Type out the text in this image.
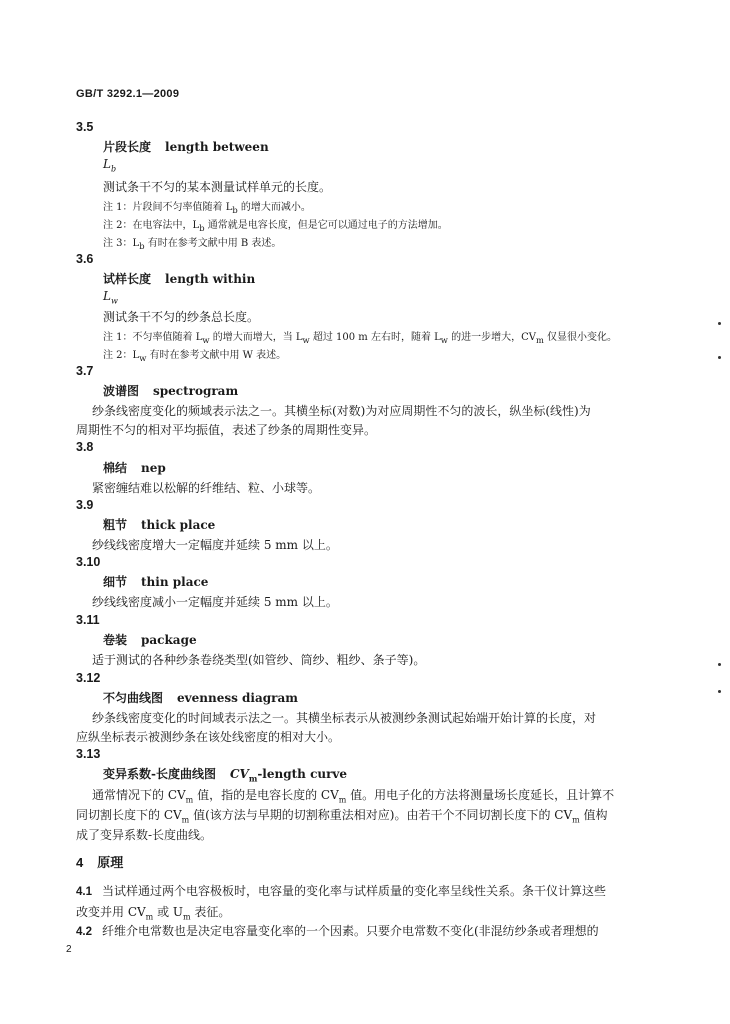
GB/T 3292.1—2009
3.5
片段长度 length between
$L_b$
测试条干不匀的某本测量试样单元的长度。
注 1：片段间不匀率值随着 $L_b$ 的增大而减小。
注 2：在电容法中，$L_b$ 通常就是电容长度，但是它可以通过电子的方法增加。
注 3：$L_b$ 有时在参考文献中用 B 表述。
3.6
试样长度 length within
$L_w$
测试条干不匀的纱条总长度。
注 1：不匀率值随着 $L_w$ 的增大而增大，当 $L_w$ 超过 100 m 左右时，随着 $L_w$ 的进一步增大，$CV_m$ 仅显很小变化。
注 2：$L_w$ 有时在参考文献中用 W 表述。
3.7
波谱图 spectrogram
纱条线密度变化的频域表示法之一。其横坐标(对数)为对应周期性不匀的波长，纵坐标(线性)为
周期性不匀的相对平均振值，表述了纱条的周期性变异。
3.8
棉结 nep
紧密缠结难以松解的纤维结、粒、小球等。
3.9
粗节 thick place
纱线线密度增大一定幅度并延续 5 mm 以上。
3.10
细节 thin place
纱线线密度减小一定幅度并延续 5 mm 以上。
3.11
卷装 package
适于测试的各种纱条卷绕类型(如管纱、筒纱、粗纱、条子等)。
3.12
不匀曲线图 evenness diagram
纱条线密度变化的时间域表示法之一。其横坐标表示从被测纱条测试起始端开始计算的长度，对
应纵坐标表示被测纱条在该处线密度的相对大小。
3.13
变异系数-长度曲线图 $CV_m$-length curve
通常情况下的 $CV_m$ 值，指的是电容长度的 $CV_m$ 值。用电子化的方法将测量场长度延长，且计算不
同切割长度下的 $CV_m$ 值(该方法与早期的切割称重法相对应)。由若干个不同切割长度下的 $CV_m$ 值构
成了变异系数-长度曲线。
4 原理
4.1 当试样通过两个电容极板时，电容量的变化率与试样质量的变化率呈线性关系。条干仪计算这些
改变并用 $CV_m$ 或 $U_m$ 表征。
4.2 纤维介电常数也是决定电容量变化率的一个因素。只要介电常数不变化(非混纺纱条或者理想的
2
